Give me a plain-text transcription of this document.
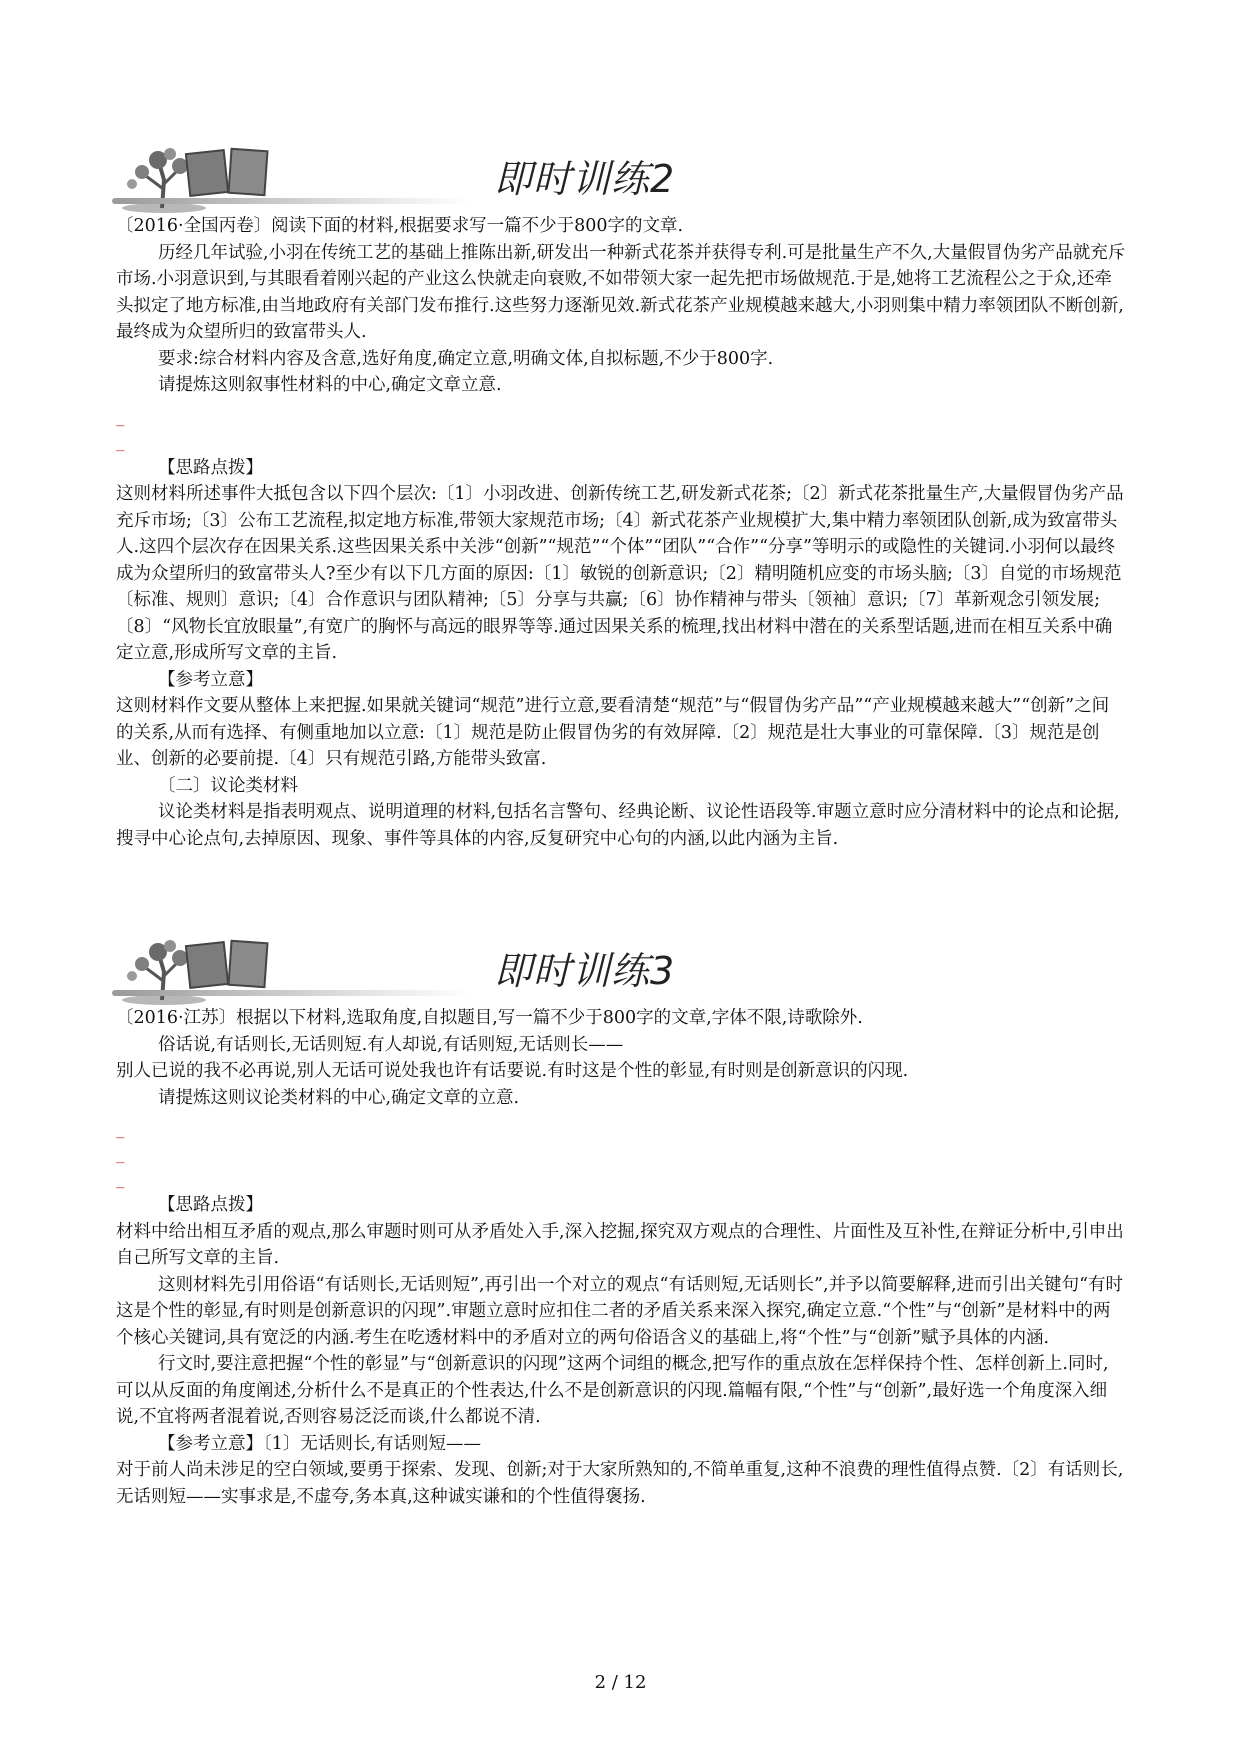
即时训练2

〔2016·全国丙卷〕阅读下面的材料,根据要求写一篇不少于800字的文章.

历经几年试验,小羽在传统工艺的基础上推陈出新,研发出一种新式花茶并获得专利.可是批量生产不久,大量假冒伪劣产品就充斥市场.小羽意识到,与其眼看着刚兴起的产业这么快就走向衰败,不如带领大家一起先把市场做规范.于是,她将工艺流程公之于众,还牵头拟定了地方标准,由当地政府有关部门发布推行.这些努力逐渐见效.新式花茶产业规模越来越大,小羽则集中精力率领团队不断创新,最终成为众望所归的致富带头人.

要求:综合材料内容及含意,选好角度,确定立意,明确文体,自拟标题,不少于800字.

请提炼这则叙事性材料的中心,确定文章立意.

_

_

【思路点拨】

这则材料所述事件大抵包含以下四个层次:〔1〕小羽改进、创新传统工艺,研发新式花茶;〔2〕新式花茶批量生产,大量假冒伪劣产品充斥市场;〔3〕公布工艺流程,拟定地方标准,带领大家规范市场;〔4〕新式花茶产业规模扩大,集中精力率领团队创新,成为致富带头人.这四个层次存在因果关系.这些因果关系中关涉“创新”“规范”“个体”“团队”“合作”“分享”等明示的或隐性的关键词.小羽何以最终成为众望所归的致富带头人?至少有以下几方面的原因:〔1〕敏锐的创新意识;〔2〕精明随机应变的市场头脑;〔3〕自觉的市场规范〔标准、规则〕意识;〔4〕合作意识与团队精神;〔5〕分享与共赢;〔6〕协作精神与带头〔领袖〕意识;〔7〕革新观念引领发展;〔8〕“风物长宜放眼量”,有宽广的胸怀与高远的眼界等等.通过因果关系的梳理,找出材料中潜在的关系型话题,进而在相互关系中确定立意,形成所写文章的主旨.

【参考立意】

这则材料作文要从整体上来把握.如果就关键词“规范”进行立意,要看清楚“规范”与“假冒伪劣产品”“产业规模越来越大”“创新”之间的关系,从而有选择、有侧重地加以立意:〔1〕规范是防止假冒伪劣的有效屏障.〔2〕规范是壮大事业的可靠保障.〔3〕规范是创业、创新的必要前提.〔4〕只有规范引路,方能带头致富.

〔二〕议论类材料

议论类材料是指表明观点、说明道理的材料,包括名言警句、经典论断、议论性语段等.审题立意时应分清材料中的论点和论据,搜寻中心论点句,去掉原因、现象、事件等具体的内容,反复研究中心句的内涵,以此内涵为主旨.

即时训练3

〔2016·江苏〕根据以下材料,选取角度,自拟题目,写一篇不少于800字的文章,字体不限,诗歌除外.

俗话说,有话则长,无话则短.有人却说,有话则短,无话则长——

别人已说的我不必再说,别人无话可说处我也许有话要说.有时这是个性的彰显,有时则是创新意识的闪现.

请提炼这则议论类材料的中心,确定文章的立意.

_

_

_

【思路点拨】

材料中给出相互矛盾的观点,那么审题时则可从矛盾处入手,深入挖掘,探究双方观点的合理性、片面性及互补性,在辩证分析中,引申出自己所写文章的主旨.

这则材料先引用俗语“有话则长,无话则短”,再引出一个对立的观点“有话则短,无话则长”,并予以简要解释,进而引出关键句“有时这是个性的彰显,有时则是创新意识的闪现”.审题立意时应扣住二者的矛盾关系来深入探究,确定立意.“个性”与“创新”是材料中的两个核心关键词,具有宽泛的内涵.考生在吃透材料中的矛盾对立的两句俗语含义的基础上,将“个性”与“创新”赋予具体的内涵.

行文时,要注意把握“个性的彰显”与“创新意识的闪现”这两个词组的概念,把写作的重点放在怎样保持个性、怎样创新上.同时,可以从反面的角度阐述,分析什么不是真正的个性表达,什么不是创新意识的闪现.篇幅有限,“个性”与“创新”,最好选一个角度深入细说,不宜将两者混着说,否则容易泛泛而谈,什么都说不清.

【参考立意】〔1〕无话则长,有话则短——

对于前人尚未涉足的空白领域,要勇于探索、发现、创新;对于大家所熟知的,不简单重复,这种不浪费的理性值得点赞.〔2〕有话则长,无话则短——实事求是,不虚夸,务本真,这种诚实谦和的个性值得褒扬.

2 / 12
